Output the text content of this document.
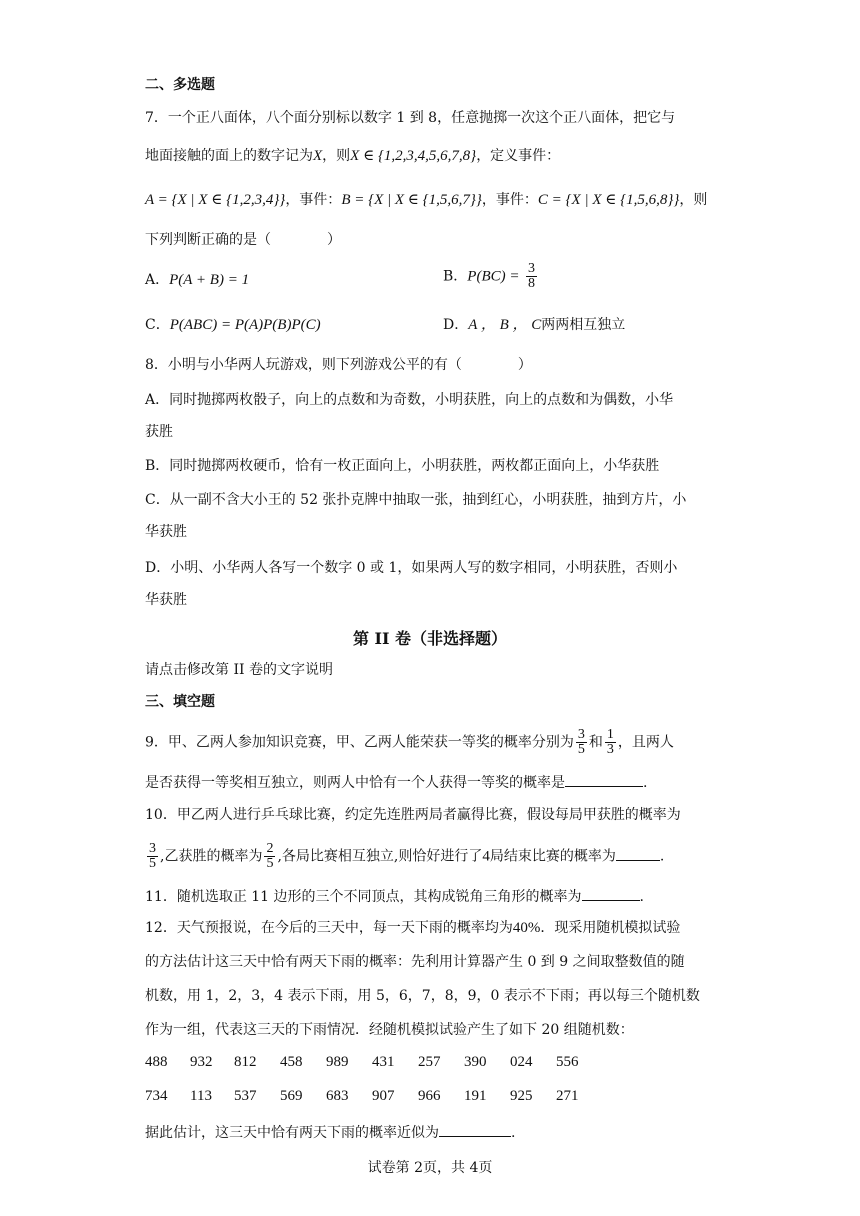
二、多选题
7．一个正八面体，八个面分别标以数字 1 到 8，任意抛掷一次这个正八面体，把它与
地面接触的面上的数字记为X，则X ∈ {1,2,3,4,5,6,7,8}，定义事件：
A = {X | X ∈ {1,2,3,4}}，事件：B = {X | X ∈ {1,5,6,7}}，事件：C = {X | X ∈ {1,5,6,8}}，则
下列判断正确的是（　　　　）
A．P(A + B) = 1	B．$P(BC) = \frac{3}{8}$
C．P(ABC) = P(A)P(B)P(C)	D．A ， B ， C两两相互独立
8．小明与小华两人玩游戏，则下列游戏公平的有（　　　　）
A．同时抛掷两枚骰子，向上的点数和为奇数，小明获胜，向上的点数和为偶数，小华
获胜
B．同时抛掷两枚硬币，恰有一枚正面向上，小明获胜，两枚都正面向上，小华获胜
C．从一副不含大小王的 52 张扑克牌中抽取一张，抽到红心，小明获胜，抽到方片，小
华获胜
D．小明、小华两人各写一个数字 0 或 1，如果两人写的数字相同，小明获胜，否则小
华获胜
第 II 卷（非选择题）
请点击修改第 II 卷的文字说明
三、填空题
9．甲、乙两人参加知识竞赛，甲、乙两人能荣获一等奖的概率分别为 $\frac{3}{5}$ 和 $\frac{1}{3}$ ，且两人
是否获得一等奖相互独立，则两人中恰有一个人获得一等奖的概率是	.
10．甲乙两人进行乒乓球比赛，约定先连胜两局者赢得比赛，假设每局甲获胜的概率为
$\frac{3}{5}$ ,乙获胜的概率为 $\frac{2}{5}$ ,各局比赛相互独立,则恰好进行了4局结束比赛的概率为	.
11．随机选取正 11 边形的三个不同顶点，其构成锐角三角形的概率为	.
12．天气预报说，在今后的三天中，每一天下雨的概率均为40%．现采用随机模拟试验
的方法估计这三天中恰有两天下雨的概率：先利用计算器产生 0 到 9 之间取整数值的随
机数，用 1，2，3，4 表示下雨，用 5，6，7，8，9，0 表示不下雨；再以每三个随机数
作为一组，代表这三天的下雨情况．经随机模拟试验产生了如下 20 组随机数：
488 932 812 458 989 431 257 390 024 556
734 113 537 569 683 907 966 191 925 271
据此估计，这三天中恰有两天下雨的概率近似为	.
试卷第 2页，共 4页
